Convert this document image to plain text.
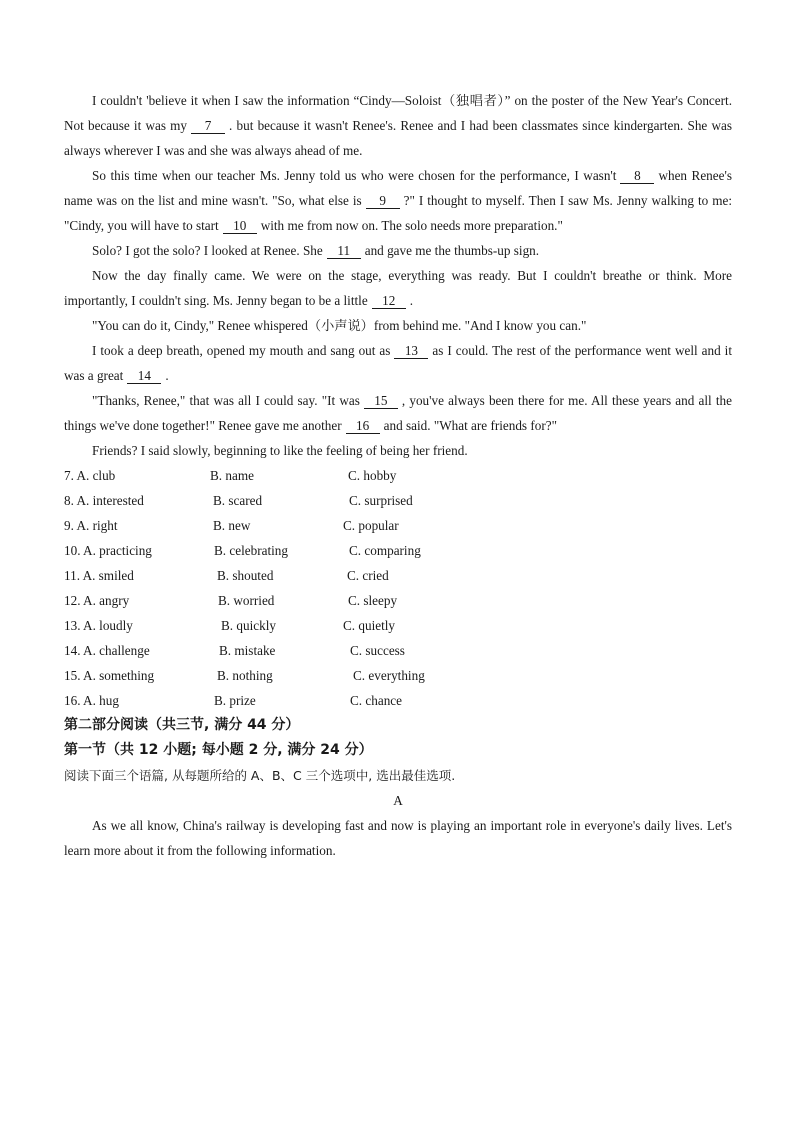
I couldn't 'believe it when I saw the information “Cindy—Soloist（独唱者）” on the poster of the New Year's Concert. Not because it was my 7 . but because it wasn't Renee's. Renee and I had been classmates since kindergarten. She was always wherever I was and she was always ahead of me.

So this time when our teacher Ms. Jenny told us who were chosen for the performance, I wasn't 8 when Renee's name was on the list and mine wasn't. "So, what else is 9 ?" I thought to myself. Then I saw Ms. Jenny walking to me: "Cindy, you will have to start 10 with me from now on. The solo needs more preparation."

Solo? I got the solo? I looked at Renee. She 11 and gave me the thumbs-up sign.

Now the day finally came. We were on the stage, everything was ready. But I couldn't breathe or think. More importantly, I couldn't sing. Ms. Jenny began to be a little 12 .

"You can do it, Cindy," Renee whispered（小声说）from behind me. "And I know you can."

I took a deep breath, opened my mouth and sang out as 13 as I could. The rest of the performance went well and it was a great 14 .

"Thanks, Renee," that was all I could say. "It was 15 , you've always been there for me. All these years and all the things we've done together!" Renee gave me another 16 and said. "What are friends for?"

Friends? I said slowly, beginning to like the feeling of being her friend.

7. A. club	B. name	C. hobby
8. A. interested	B. scared	C. surprised
9. A. right	B. new	C. popular
10. A. practicing	B. celebrating	C. comparing
11. A. smiled	B. shouted	C. cried
12. A. angry	B. worried	C. sleepy
13. A. loudly	B. quickly	C. quietly
14. A. challenge	B. mistake	C. success
15. A. something	B. nothing	C. everything
16. A. hug	B. prize	C. chance

第二部分阅读（共三节, 满分 44 分）

第一节（共 12 小题; 每小题 2 分, 满分 24 分）

阅读下面三个语篇, 从每题所给的 A、B、C 三个选项中, 选出最佳选项.

A

As we all know, China's railway is developing fast and now is playing an important role in everyone's daily lives. Let's learn more about it from the following information.
